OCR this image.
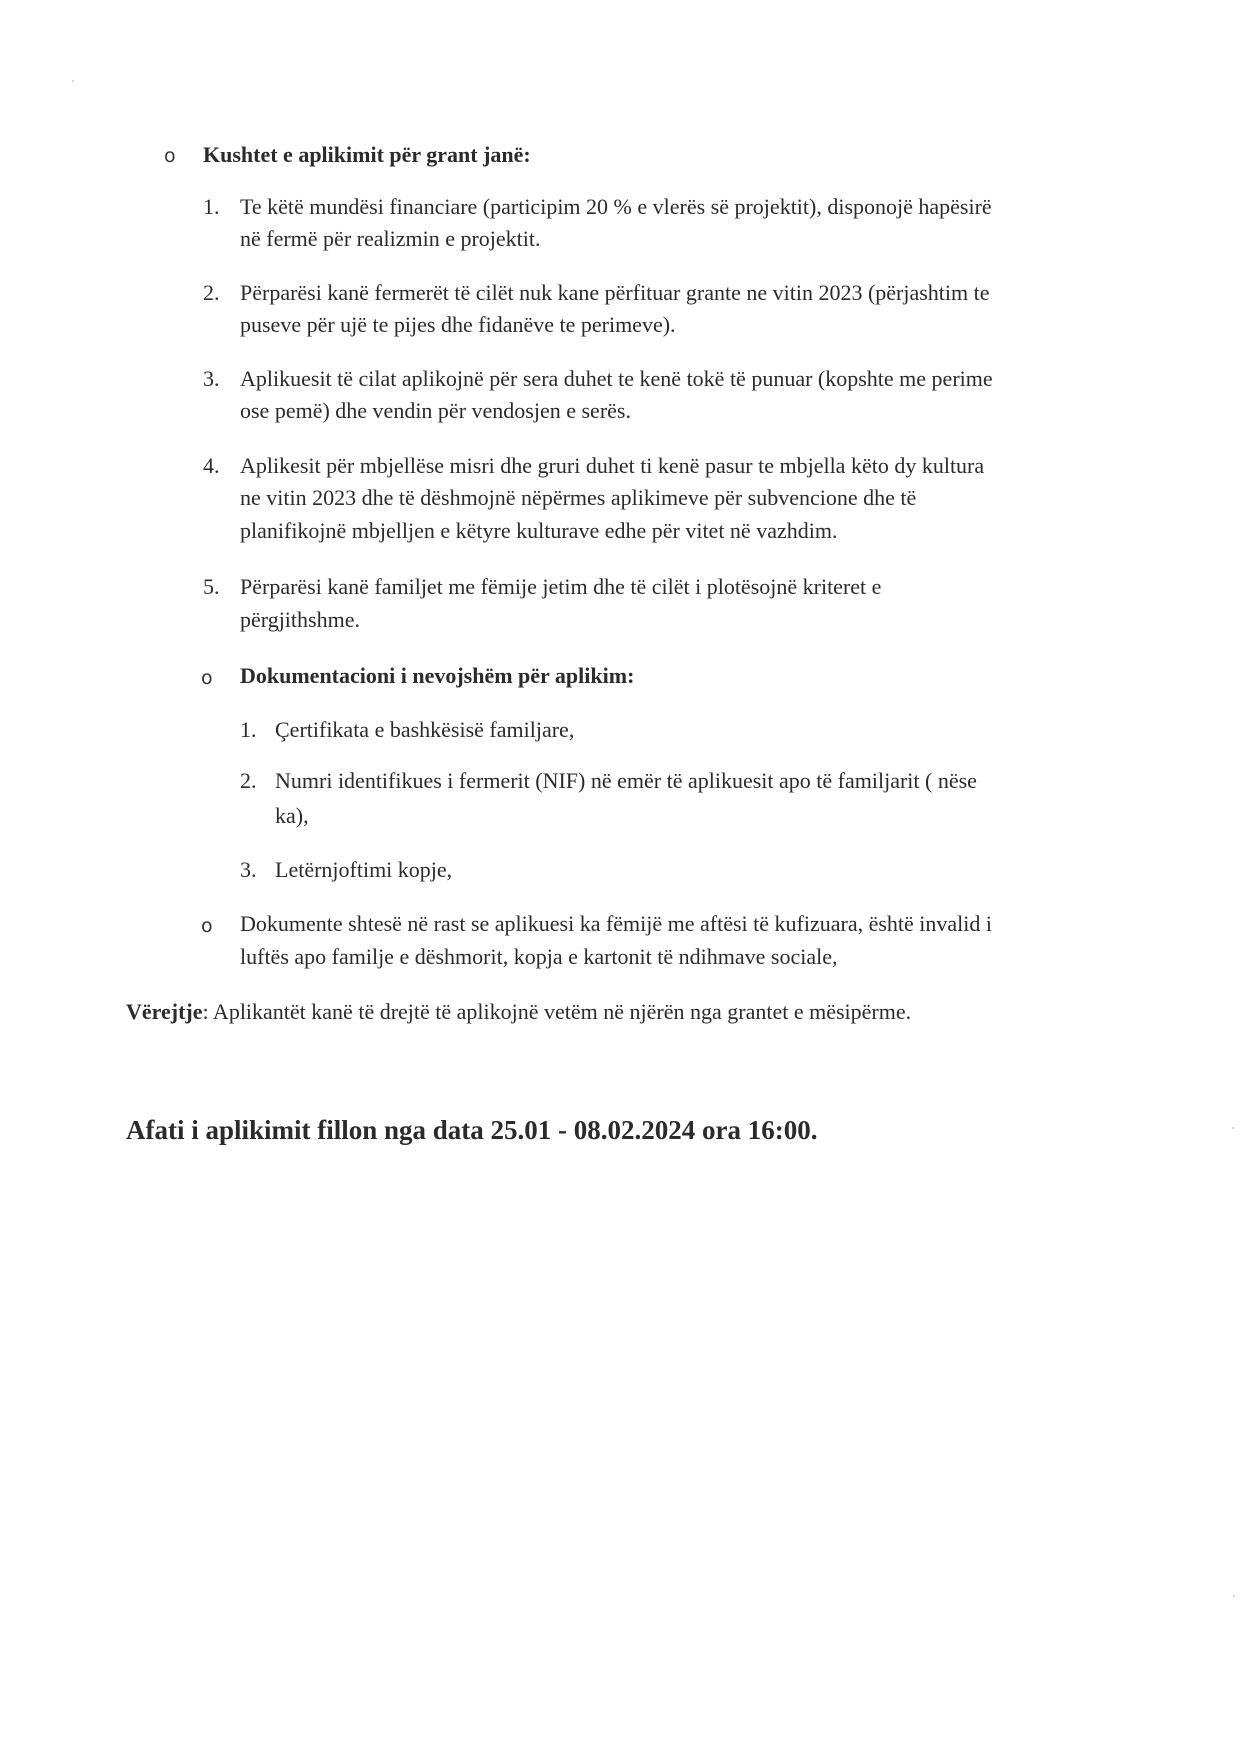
o Kushtet e aplikimit për grant janë:
1. Te këtë mundësi financiare (participim 20 % e vlerës së projektit), disponojë hapësirë
në fermë për realizmin e projektit.
2. Përparësi kanë fermerët të cilët nuk kane përfituar grante ne vitin 2023 (përjashtim te
puseve për ujë te pijes dhe fidanëve te perimeve).
3. Aplikuesit të cilat aplikojnë për sera duhet te kenë tokë të punuar (kopshte me perime
ose pemë) dhe vendin për vendosjen e serës.
4. Aplikesit për mbjellëse misri dhe gruri duhet ti kenë pasur te mbjella këto dy kultura
ne vitin 2023 dhe të dëshmojnë nëpërmes aplikimeve për subvencione dhe të
planifikojnë mbjelljen e këtyre kulturave edhe për vitet në vazhdim.
5. Përparësi kanë familjet me fëmije jetim dhe të cilët i plotësojnë kriteret e
përgjithshme.
o Dokumentacioni i nevojshëm për aplikim:
1. Çertifikata e bashkësisë familjare,
2. Numri identifikues i fermerit (NIF) në emër të aplikuesit apo të familjarit ( nëse
ka),
3. Letërnjoftimi kopje,
o Dokumente shtesë në rast se aplikuesi ka fëmijë me aftësi të kufizuara, është invalid i
luftës apo familje e dëshmorit, kopja e kartonit të ndihmave sociale,
Vërejtje: Aplikantët kanë të drejtë të aplikojnë vetëm në njërën nga grantet e mësipërme.
Afati i aplikimit fillon nga data 25.01 - 08.02.2024 ora 16:00.
